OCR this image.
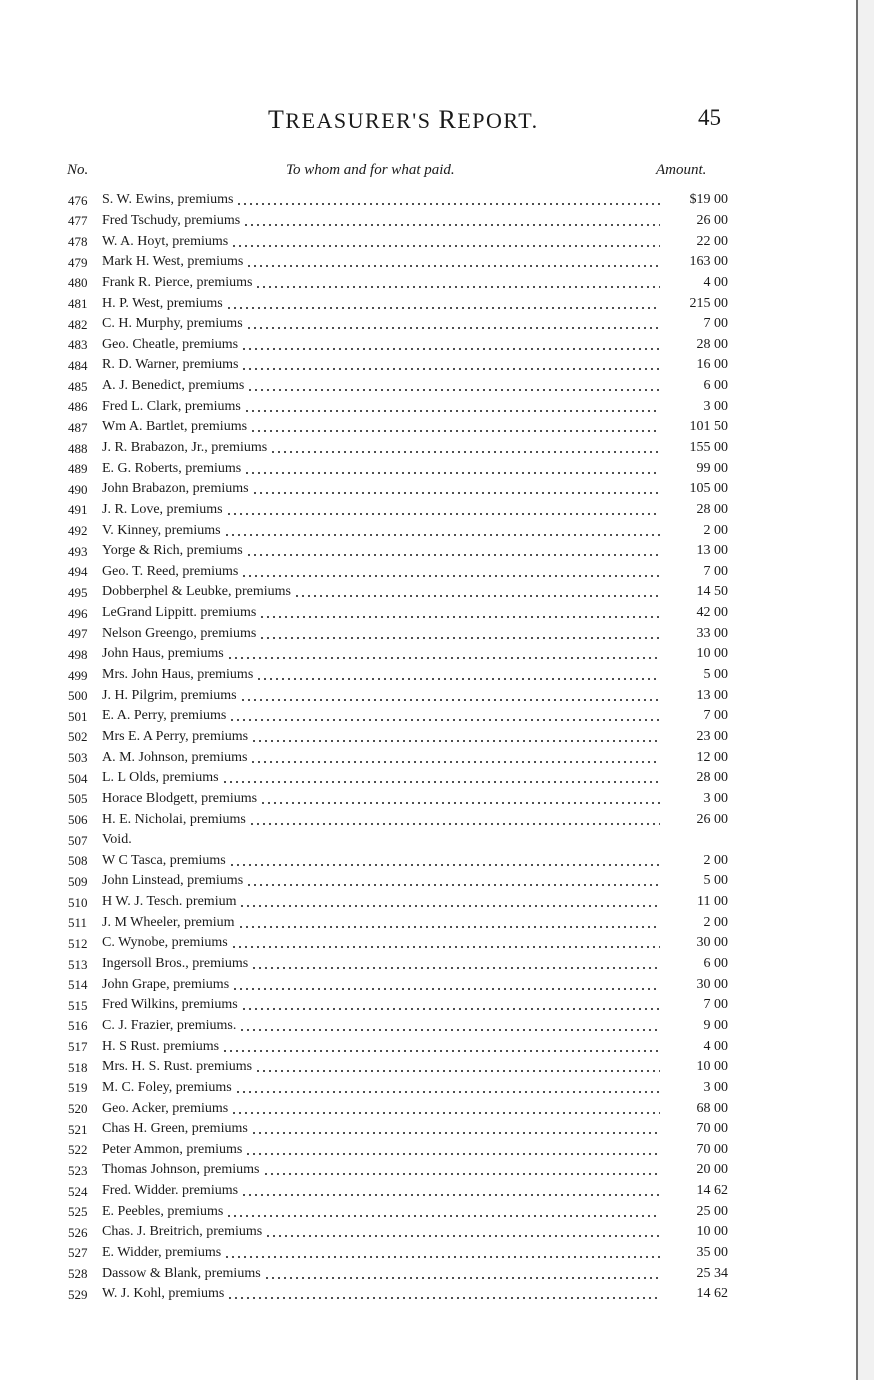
TREASURER'S REPORT.	45
No.	To whom and for what paid.	Amount.
476	S. W. Ewins, premiums	$19 00
477	Fred Tschudy, premiums	26 00
478	W. A. Hoyt, premiums	22 00
479	Mark H. West, premiums	163 00
480	Frank R. Pierce, premiums	4 00
481	H. P. West, premiums	215 00
482	C. H. Murphy, premiums	7 00
483	Geo. Cheatle, premiums	28 00
484	R. D. Warner, premiums	16 00
485	A. J. Benedict, premiums	6 00
486	Fred L. Clark, premiums	3 00
487	Wm A. Bartlet, premiums	101 50
488	J. R. Brabazon, Jr., premiums	155 00
489	E. G. Roberts, premiums	99 00
490	John Brabazon, premiums	105 00
491	J. R. Love, premiums	28 00
492	V. Kinney, premiums	2 00
493	Yorge & Rich, premiums	13 00
494	Geo. T. Reed, premiums	7 00
495	Dobberphel & Leubke, premiums	14 50
496	LeGrand Lippitt. premiums	42 00
497	Nelson Greengo, premiums	33 00
498	John Haus, premiums	10 00
499	Mrs. John Haus, premiums	5 00
500	J. H. Pilgrim, premiums	13 00
501	E. A. Perry, premiums	7 00
502	Mrs E. A Perry, premiums	23 00
503	A. M. Johnson, premiums	12 00
504	L. L Olds, premiums	28 00
505	Horace Blodgett, premiums	3 00
506	H. E. Nicholai, premiums	26 00
507	Void.
508	W C Tasca, premiums	2 00
509	John Linstead, premiums	5 00
510	H W. J. Tesch. premium	11 00
511	J. M Wheeler, premium	2 00
512	C. Wynobe, premiums	30 00
513	Ingersoll Bros., premiums	6 00
514	John Grape, premiums	30 00
515	Fred Wilkins, premiums	7 00
516	C. J. Frazier, premiums.	9 00
517	H. S Rust. premiums	4 00
518	Mrs. H. S. Rust. premiums	10 00
519	M. C. Foley, premiums	3 00
520	Geo. Acker, premiums	68 00
521	Chas H. Green, premiums	70 00
522	Peter Ammon, premiums	70 00
523	Thomas Johnson, premiums	20 00
524	Fred. Widder. premiums	14 62
525	E. Peebles, premiums	25 00
526	Chas. J. Breitrich, premiums	10 00
527	E. Widder, premiums	35 00
528	Dassow & Blank, premiums	25 34
529	W. J. Kohl, premiums	14 62
